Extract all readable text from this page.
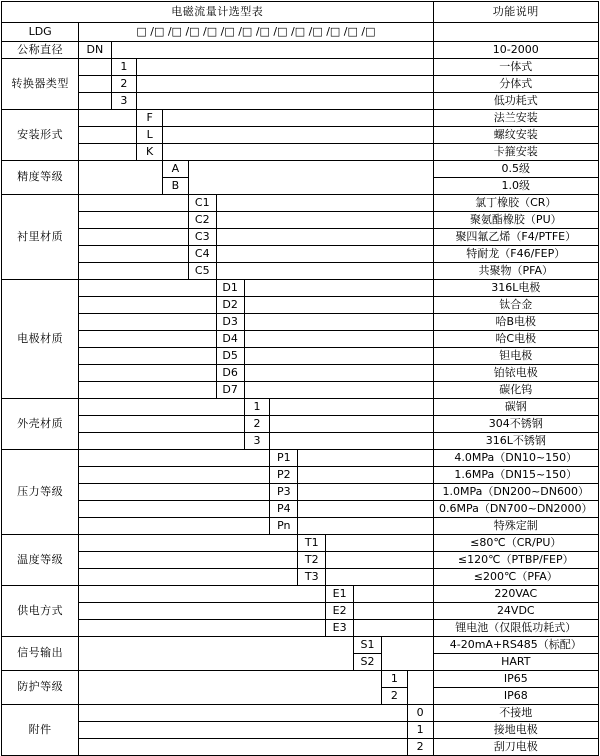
电磁流量计选型表														功能说明
LDG	□ /□ /□ /□ /□ /□ /□ /□ /□ /□ /□ /□ /□ /□													
公称直径	DN													10-2000
转换器类型		1												一体式
		2												分体式
		3												低功耗式
安装形式			F											法兰安装
			L											螺纹安装
			K											卡箍安装
精度等级				A										0.5级
				B										1.0级
衬里材质					C1									氯丁橡胶（CR）
					C2									聚氨酯橡胶（PU）
					C3									聚四氟乙烯（F4/PTFE）
					C4									特耐龙（F46/FEP）
					C5									共聚物（PFA）
电极材质						D1								316L电极
						D2								钛合金
						D3								哈B电极
						D4								哈C电极
						D5								钽电极
						D6								铂铱电极
						D7								碳化钨
外壳材质							1							碳钢
							2							304不锈钢
							3							316L不锈钢
压力等级								P1						4.0MPa（DN10~150）
								P2						1.6MPa（DN15~150）
								P3						1.0MPa（DN200~DN600）
								P4						0.6MPa（DN700~DN2000）
								Pn						特殊定制
温度等级									T1					≤80℃（CR/PU）
									T2					≤120℃（PTBP/FEP）
									T3					≤200℃（PFA）
供电方式										E1				220VAC
										E2				24VDC
										E3				锂电池（仅限低功耗式）
信号输出											S1			4-20mA+RS485（标配）
											S2			HART
防护等级												1		IP65
												2		IP68
附件													0	不接地
													1	接地电极
													2	刮刀电极
